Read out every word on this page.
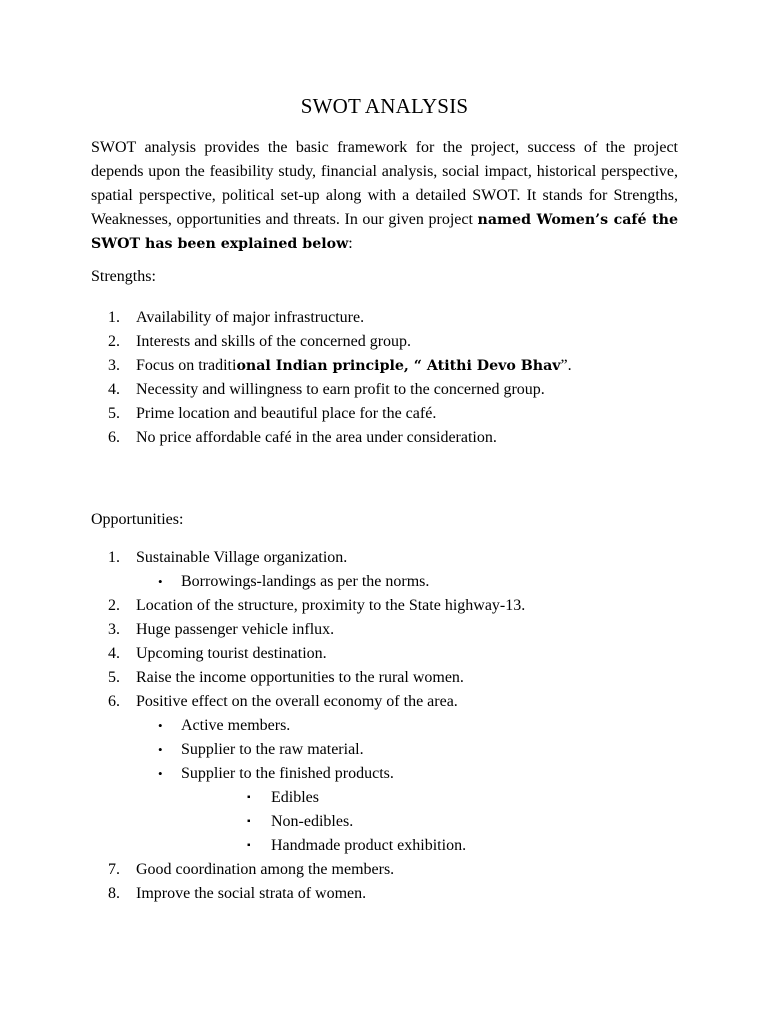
SWOT ANALYSIS

SWOT analysis provides the basic framework for the project, success of the project depends upon the feasibility study, financial analysis, social impact, historical perspective, spatial perspective, political set-up along with a detailed SWOT. It stands for Strengths, Weaknesses, opportunities and threats. In our given project named Women’s café the SWOT has been explained below:

Strengths:
1.	Availability of major infrastructure.
2.	Interests and skills of the concerned group.
3.	Focus on traditional Indian principle, “ Atithi Devo Bhav”.
4.	Necessity and willingness to earn profit to the concerned group.
5.	Prime location and beautiful place for the café.
6.	No price affordable café in the area under consideration.
Opportunities:
1.	Sustainable Village organization.
• Borrowings-landings as per the norms.
2.	Location of the structure, proximity to the State highway-13.
3.	Huge passenger vehicle influx.
4.	Upcoming tourist destination.
5.	Raise the income opportunities to the rural women.
6.	Positive effect on the overall economy of the area.
• Active members.
• Supplier to the raw material.
• Supplier to the finished products.
▪ Edibles
▪ Non-edibles.
▪ Handmade product exhibition.
7.	Good coordination among the members.
8.	Improve the social strata of women.
